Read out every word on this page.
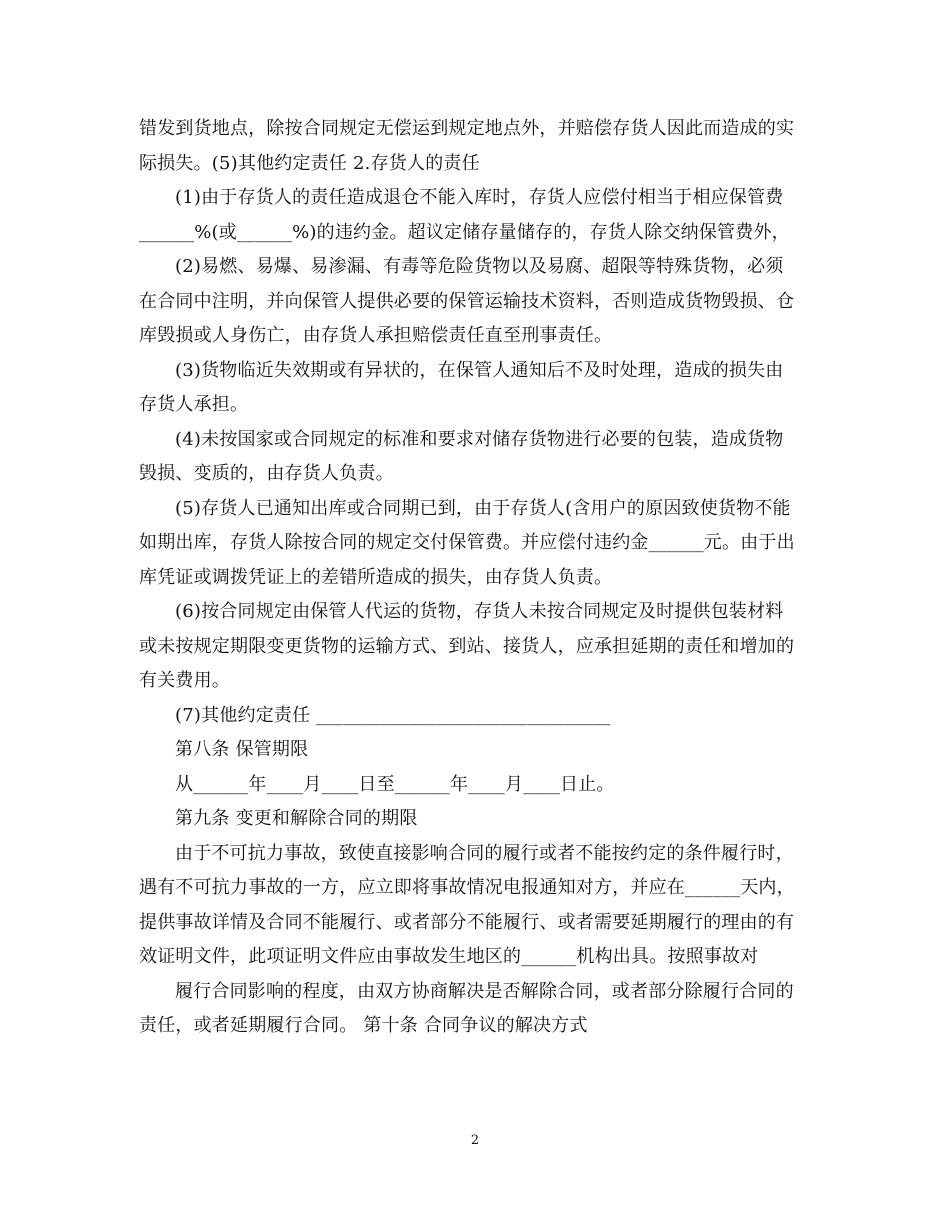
错发到货地点，除按合同规定无偿运到规定地点外，并赔偿存货人因此而造成的实
际损失。(5)其他约定责任 2.存货人的责任
(1)由于存货人的责任造成退仓不能入库时，存货人应偿付相当于相应保管费
______%(或______%)的违约金。超议定储存量储存的，存货人除交纳保管费外，
(2)易燃、易爆、易渗漏、有毒等危险货物以及易腐、超限等特殊货物，必须
在合同中注明，并向保管人提供必要的保管运输技术资料，否则造成货物毁损、仓
库毁损或人身伤亡，由存货人承担赔偿责任直至刑事责任。
(3)货物临近失效期或有异状的，在保管人通知后不及时处理，造成的损失由
存货人承担。
(4)未按国家或合同规定的标准和要求对储存货物进行必要的包装，造成货物
毁损、变质的，由存货人负责。
(5)存货人已通知出库或合同期已到，由于存货人(含用户的原因致使货物不能
如期出库，存货人除按合同的规定交付保管费。并应偿付违约金______元。由于出
库凭证或调拨凭证上的差错所造成的损失，由存货人负责。
(6)按合同规定由保管人代运的货物，存货人未按合同规定及时提供包装材料
或未按规定期限变更货物的运输方式、到站、接货人，应承担延期的责任和增加的
有关费用。
(7)其他约定责任 ________________________________
第八条 保管期限
从______年____月____日至______年____月____日止。
第九条 变更和解除合同的期限
由于不可抗力事故，致使直接影响合同的履行或者不能按约定的条件履行时，
遇有不可抗力事故的一方，应立即将事故情况电报通知对方，并应在______天内，
提供事故详情及合同不能履行、或者部分不能履行、或者需要延期履行的理由的有
效证明文件，此项证明文件应由事故发生地区的______机构出具。按照事故对
履行合同影响的程度，由双方协商解决是否解除合同，或者部分除履行合同的
责任，或者延期履行合同。 第十条 合同争议的解决方式
2
